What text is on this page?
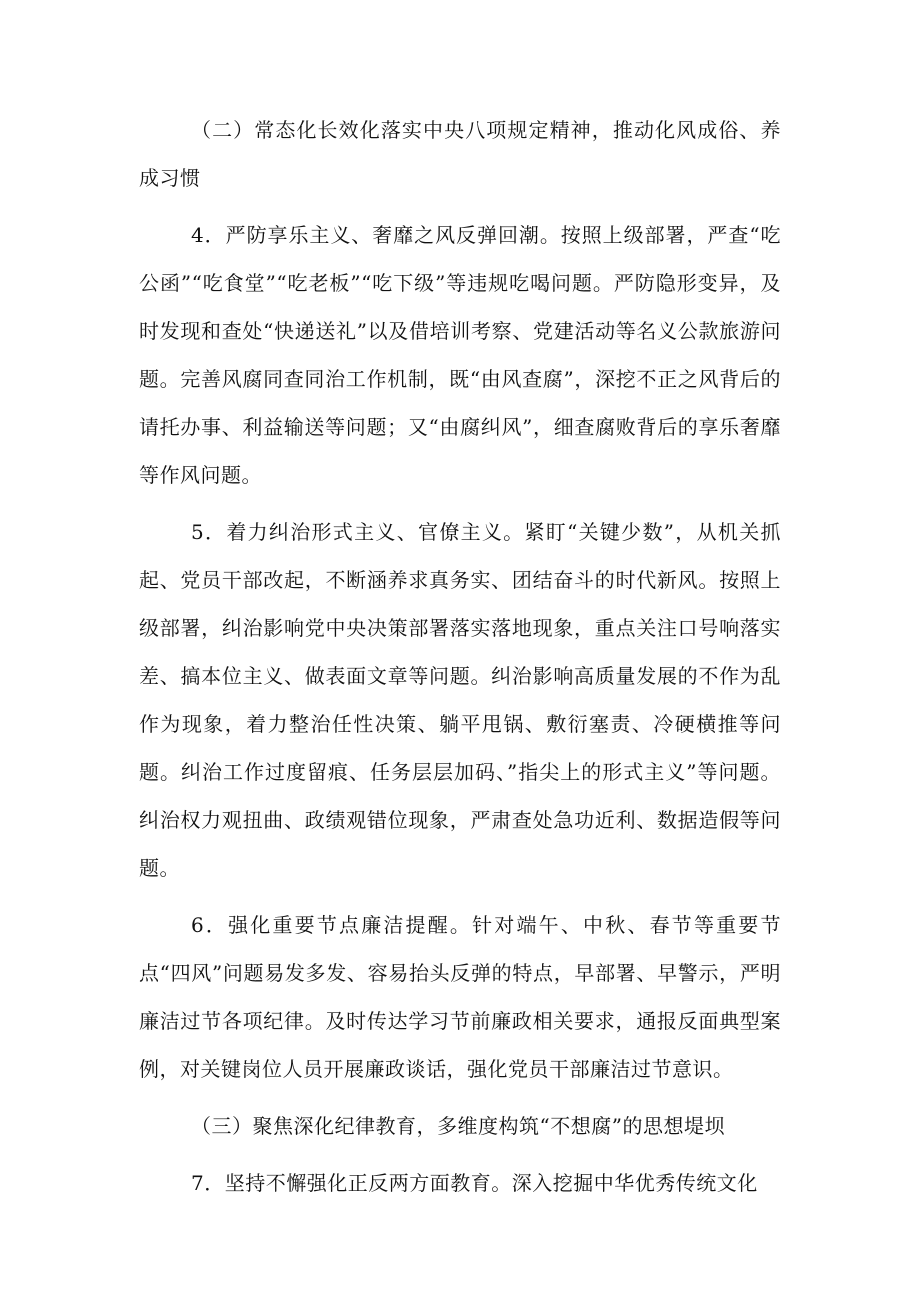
（二）常态化长效化落实中央八项规定精神，推动化风成俗、养成习惯

4．严防享乐主义、奢靡之风反弹回潮。按照上级部署，严查“吃公函”“吃食堂”“吃老板”“吃下级”等违规吃喝问题。严防隐形变异，及时发现和查处“快递送礼”以及借培训考察、党建活动等名义公款旅游问题。完善风腐同查同治工作机制，既“由风查腐”，深挖不正之风背后的请托办事、利益输送等问题；又“由腐纠风”，细查腐败背后的享乐奢靡等作风问题。

5．着力纠治形式主义、官僚主义。紧盯“关键少数”，从机关抓起、党员干部改起，不断涵养求真务实、团结奋斗的时代新风。按照上级部署，纠治影响党中央决策部署落实落地现象，重点关注口号响落实差、搞本位主义、做表面文章等问题。纠治影响高质量发展的不作为乱作为现象，着力整治任性决策、躺平甩锅、敷衍塞责、冷硬横推等问题。纠治工作过度留痕、任务层层加码、”指尖上的形式主义”等问题。纠治权力观扭曲、政绩观错位现象，严肃查处急功近利、数据造假等问题。

6．强化重要节点廉洁提醒。针对端午、中秋、春节等重要节点“四风”问题易发多发、容易抬头反弹的特点，早部署、早警示，严明廉洁过节各项纪律。及时传达学习节前廉政相关要求，通报反面典型案例，对关键岗位人员开展廉政谈话，强化党员干部廉洁过节意识。

（三）聚焦深化纪律教育，多维度构筑“不想腐”的思想堤坝

7．坚持不懈强化正反两方面教育。深入挖掘中华优秀传统文化
